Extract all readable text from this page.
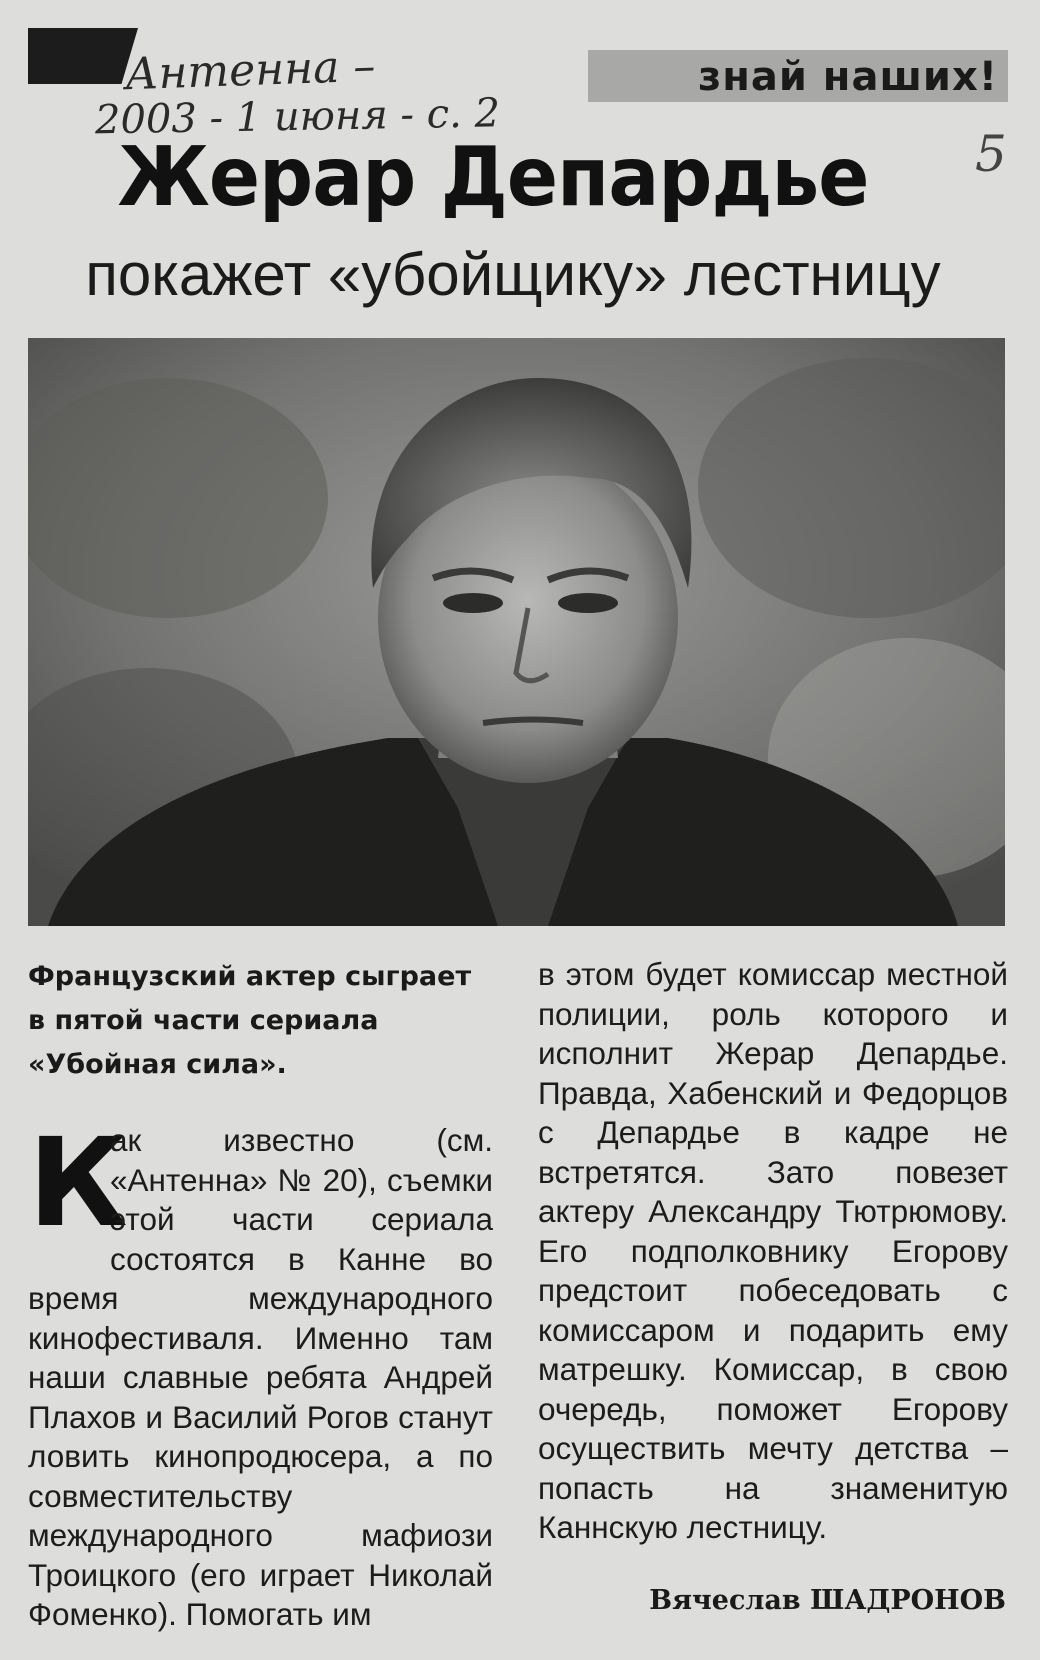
знай наших!
Антенна –
2003 - 1 июня - с. 2
5
Жерар Депардье
покажет «убойщику» лестницу

Французский актер сыграет в пятой части сериала «Убойная сила».

К
ак известно (см. «Антенна» № 20), съемки этой части сериала состоятся в Канне во время международного кинофестиваля. Именно там наши славные ребята Андрей Плахов и Василий Рогов станут ловить кинопродюсера, а по совместительству международного мафиози Троицкого (его играет Николай Фоменко). Помогать им

в этом будет комиссар местной полиции, роль которого и исполнит Жерар Депардье. Правда, Хабенский и Федорцов с Депардье в кадре не встретятся. Зато повезет актеру Александру Тютрюмову. Его подполковнику Егорову предстоит побеседовать с комиссаром и подарить ему матрешку. Комиссар, в свою очередь, поможет Егорову осуществить мечту детства – попасть на знаменитую Каннскую лестницу.

Вячеслав ШАДРОНОВ
